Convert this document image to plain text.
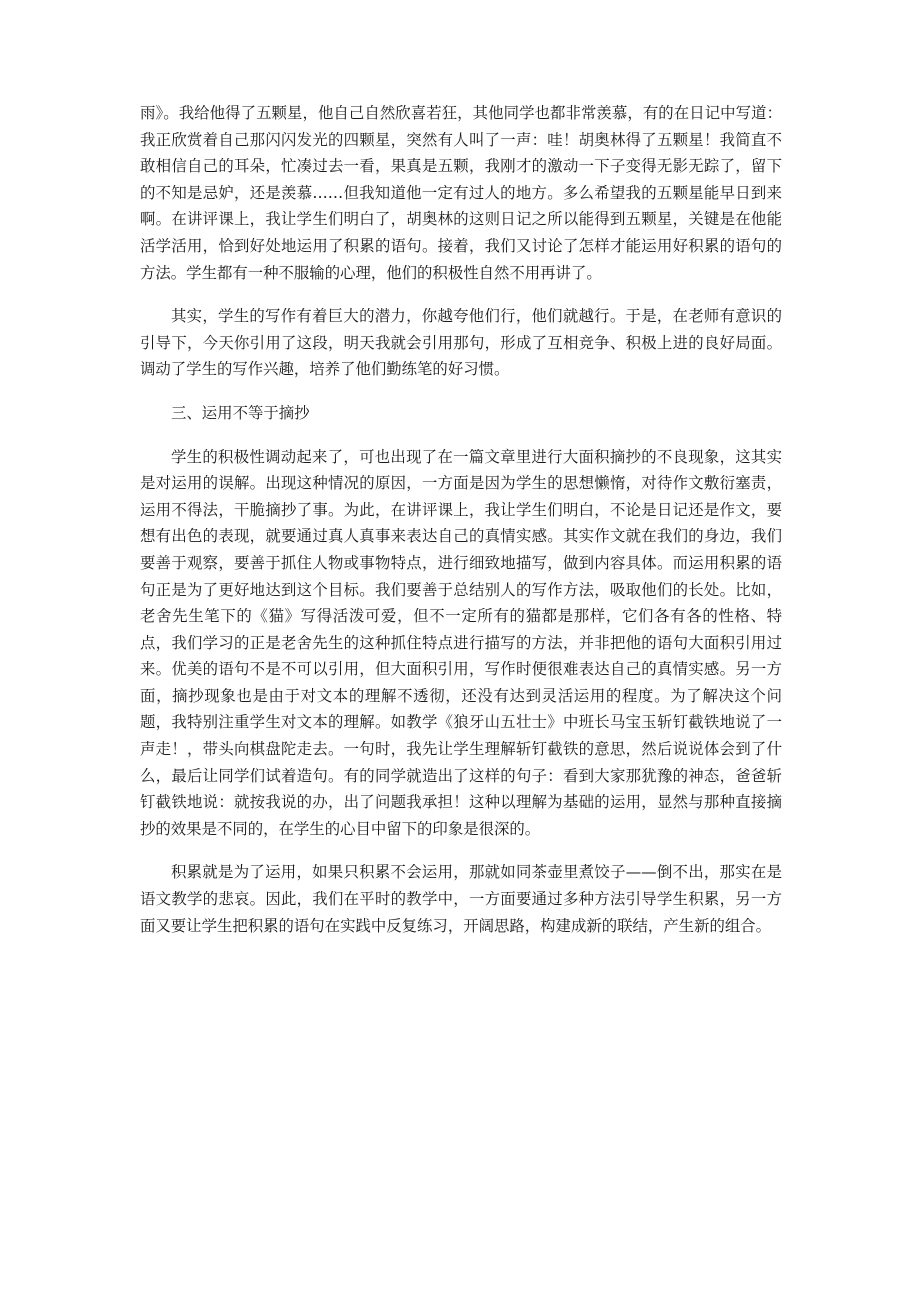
雨》。我给他得了五颗星，他自己自然欣喜若狂，其他同学也都非常羡慕，有的在日记中写道：我正欣赏着自己那闪闪发光的四颗星，突然有人叫了一声：哇！胡奥林得了五颗星！我简直不敢相信自己的耳朵，忙凑过去一看，果真是五颗，我刚才的激动一下子变得无影无踪了，留下的不知是忌妒，还是羡慕……但我知道他一定有过人的地方。多么希望我的五颗星能早日到来啊。在讲评课上，我让学生们明白了，胡奥林的这则日记之所以能得到五颗星，关键是在他能活学活用，恰到好处地运用了积累的语句。接着，我们又讨论了怎样才能运用好积累的语句的方法。学生都有一种不服输的心理，他们的积极性自然不用再讲了。

其实，学生的写作有着巨大的潜力，你越夸他们行，他们就越行。于是，在老师有意识的引导下，今天你引用了这段，明天我就会引用那句，形成了互相竞争、积极上进的良好局面。调动了学生的写作兴趣，培养了他们勤练笔的好习惯。

三、运用不等于摘抄

学生的积极性调动起来了，可也出现了在一篇文章里进行大面积摘抄的不良现象，这其实是对运用的误解。出现这种情况的原因，一方面是因为学生的思想懒惰，对待作文敷衍塞责，运用不得法，干脆摘抄了事。为此，在讲评课上，我让学生们明白，不论是日记还是作文，要想有出色的表现，就要通过真人真事来表达自己的真情实感。其实作文就在我们的身边，我们要善于观察，要善于抓住人物或事物特点，进行细致地描写，做到内容具体。而运用积累的语句正是为了更好地达到这个目标。我们要善于总结别人的写作方法，吸取他们的长处。比如，老舍先生笔下的《猫》写得活泼可爱，但不一定所有的猫都是那样，它们各有各的性格、特点，我们学习的正是老舍先生的这种抓住特点进行描写的方法，并非把他的语句大面积引用过来。优美的语句不是不可以引用，但大面积引用，写作时便很难表达自己的真情实感。另一方面，摘抄现象也是由于对文本的理解不透彻，还没有达到灵活运用的程度。为了解决这个问题，我特别注重学生对文本的理解。如教学《狼牙山五壮士》中班长马宝玉斩钉截铁地说了一声走！，带头向棋盘陀走去。一句时，我先让学生理解斩钉截铁的意思，然后说说体会到了什么，最后让同学们试着造句。有的同学就造出了这样的句子：看到大家那犹豫的神态，爸爸斩钉截铁地说：就按我说的办，出了问题我承担！这种以理解为基础的运用，显然与那种直接摘抄的效果是不同的，在学生的心目中留下的印象是很深的。

积累就是为了运用，如果只积累不会运用，那就如同茶壶里煮饺子——倒不出，那实在是语文教学的悲哀。因此，我们在平时的教学中，一方面要通过多种方法引导学生积累，另一方面又要让学生把积累的语句在实践中反复练习，开阔思路，构建成新的联结，产生新的组合。
